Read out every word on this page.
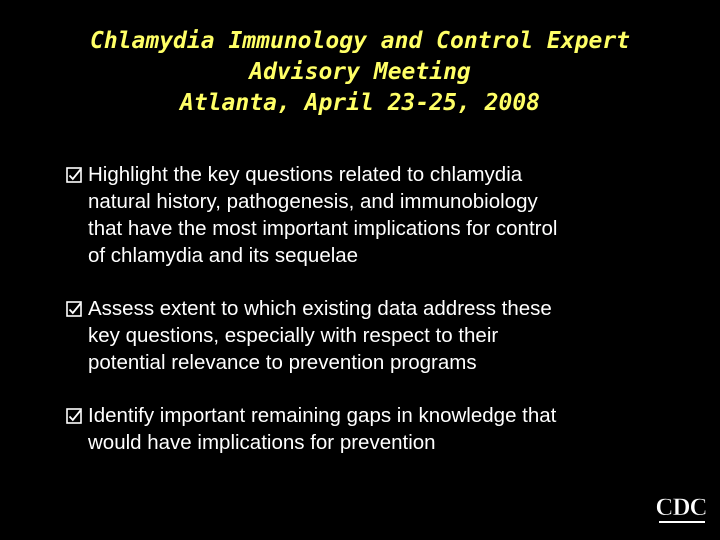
Chlamydia Immunology and Control Expert
Advisory Meeting
Atlanta, April 23-25, 2008
Highlight the key questions related to chlamydia
natural history, pathogenesis, and immunobiology
that have the most important implications for control
of chlamydia and its sequelae
Assess extent to which existing data address these
key questions, especially with respect to their
potential relevance to prevention programs
Identify important remaining gaps in knowledge that
would have implications for prevention
CDC
